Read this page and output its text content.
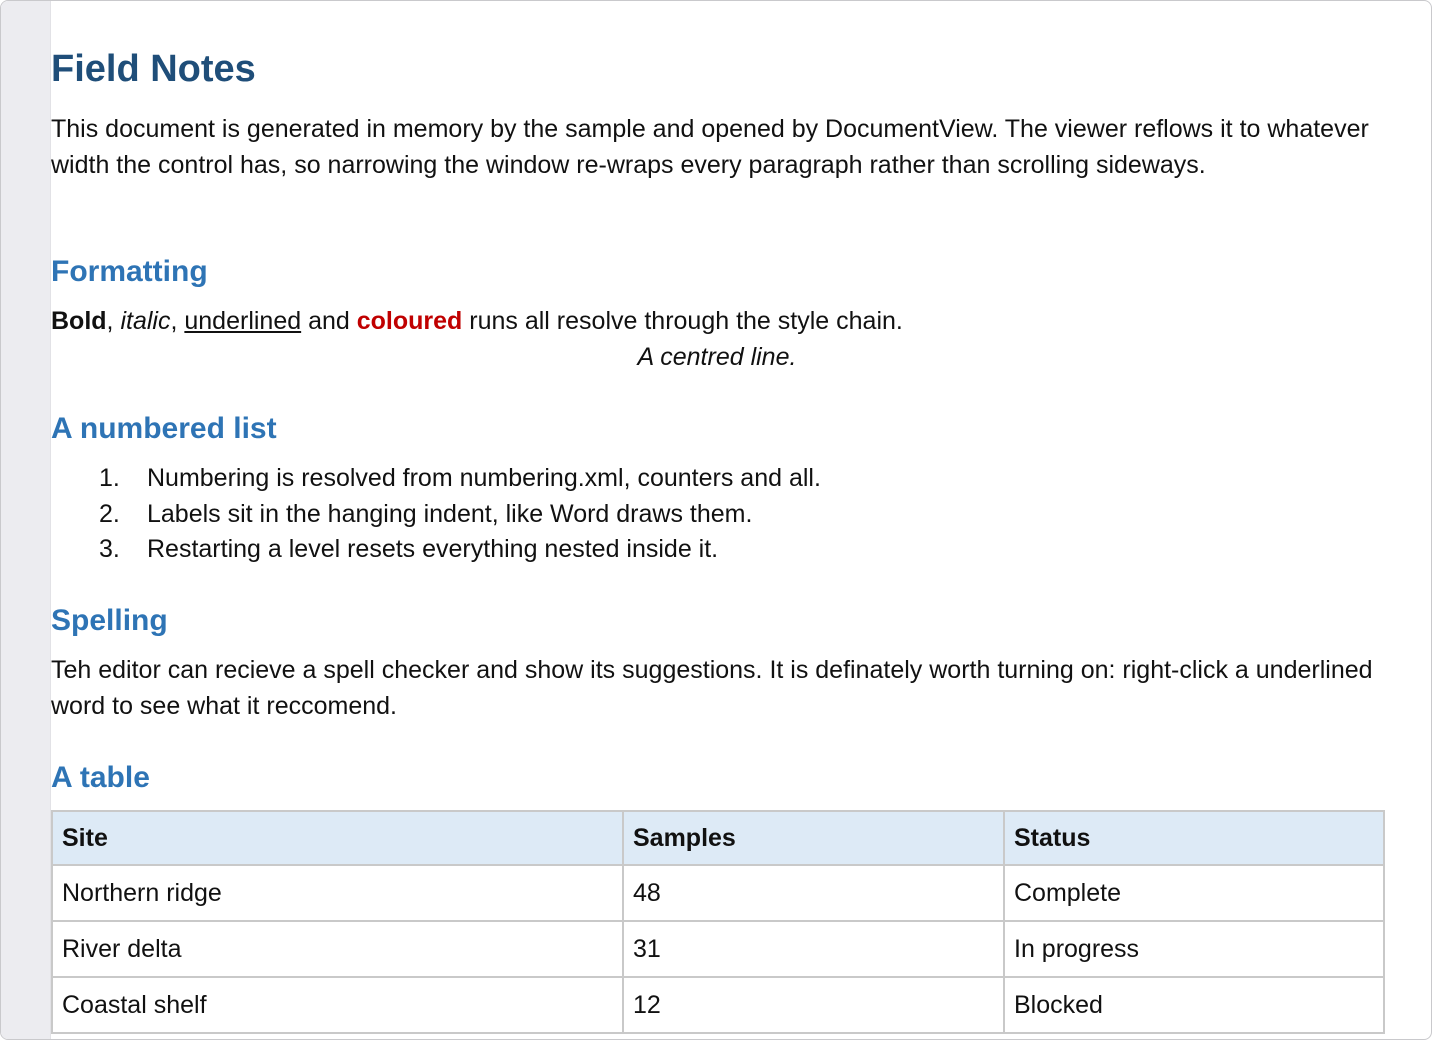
Field Notes

This document is generated in memory by the sample and opened by DocumentView. The viewer reflows it to whatever width the control has, so narrowing the window re-wraps every paragraph rather than scrolling sideways.

Formatting

Bold, italic, underlined and coloured runs all resolve through the style chain.

A centred line.
A numbered list
1.	Numbering is resolved from numbering.xml, counters and all.
2.	Labels sit in the hanging indent, like Word draws them.
3.	Restarting a level resets everything nested inside it.
Spelling

Teh editor can recieve a spell checker and show its suggestions. It is definately worth turning on: right-click a underlined word to see what it reccomend.

A table
Site	Samples	Status
Northern ridge	48	Complete
River delta	31	In progress
Coastal shelf	12	Blocked
